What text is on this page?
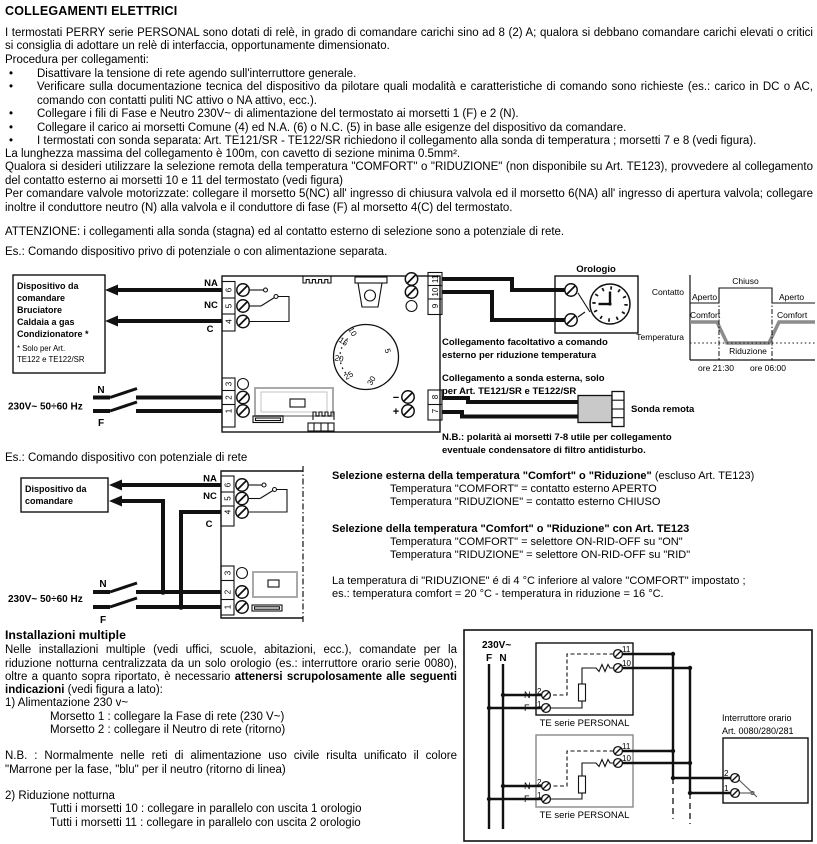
COLLEGAMENTI ELETTRICI
I termostati PERRY serie PERSONAL sono dotati di relè, in grado di comandare carichi sino ad 8 (2) A; qualora si debbano comandare carichi elevati o critici si consiglia di adottare un relè di interfaccia, opportunamente dimensionato.
Procedura per collegamenti:
•	Disattivare la tensione di rete agendo sull'interruttore generale.
•	Verificare sulla documentazione tecnica del dispositivo da pilotare quali modalità e caratteristiche di comando sono richieste (es.: carico in DC o AC, comando con contatti puliti NC attivo o NA attivo, ecc.).
•	Collegare i fili di Fase e Neutro 230V~ di alimentazione del termostato ai morsetti 1 (F) e 2 (N).
•	Collegare il carico ai morsetti Comune (4) ed N.A. (6) o N.C. (5) in base alle esigenze del dispositivo da comandare.
•	I termostati con sonda separata: Art. TE121/SR - TE122/SR richiedono il collegamento alla sonda di temperatura ; morsetti 7 e 8 (vedi figura).
La lunghezza massima del collegamento è 100m, con cavetto di sezione minima 0.5mm².
Qualora si desideri utilizzare la selezione remota della temperatura "COMFORT" o "RIDUZIONE" (non disponibile su Art. TE123), provvedere al collegamento del contatto esterno ai morsetti 10 e 11 del termostato (vedi figura)
Per comandare valvole motorizzate: collegare il morsetto 5(NC) all' ingresso di chiusura valvola ed il morsetto 6(NA) all' ingresso di apertura valvola; collegare inoltre il conduttore neutro (N) alla valvola e il conduttore di fase (F) al morsetto 4(C) del termostato.
ATTENZIONE: i collegamenti alla sonda (stagna) ed al contatto esterno di selezione sono a potenziale di rete.
Es.: Comando dispositivo privo di potenziale o con alimentazione separata.
Dispositivo da
comandare
Bruciatore
Caldaia a gas
Condizionatore *
* Solo per Art.
TE122 e TE122/SR
NA
NC
C
5
10
15
20
25 30
6
5
4
3
2
1
230V~ 50÷60 Hz
N
F
11
10
9
8
7
−
+
Orologio
Collegamento facoltativo a comando
esterno per riduzione temperatura
Collegamento a sonda esterna, solo
per Art. TE121/SR e TE122/SR
Sonda remota
N.B.: polarità ai morsetti 7-8 utile per collegamento
eventuale condensatore di filtro antidisturbo.
Contatto
Temperatura
Aperto
Chiuso
Aperto
Comfort	Comfort
Riduzione
ore 21:30 ore 06:00
Es.: Comando dispositivo con potenziale di rete
Dispositivo da
comandare
NA
NC
C
6
5
4
3
2
1
230V~ 50÷60 Hz
N
F
Selezione esterna della temperatura "Comfort" o "Riduzione" (escluso Art. TE123)
Temperatura "COMFORT" = contatto esterno APERTO
Temperatura "RIDUZIONE" = contatto esterno CHIUSO
Selezione della temperatura "Comfort" o "Riduzione" con Art. TE123
Temperatura "COMFORT" = selettore ON-RID-OFF su "ON"
Temperatura "RIDUZIONE" = selettore ON-RID-OFF su "RID"
La temperatura di "RIDUZIONE" é di 4 °C inferiore al valore "COMFORT" impostato ;
es.: temperatura comfort = 20 °C - temperatura in riduzione = 16 °C.
Installazioni multiple
Nelle installazioni multiple (vedi uffici, scuole, abitazioni, ecc.), comandate per la riduzione notturna centralizzata da un solo orologio (es.: interruttore orario serie 0080), oltre a quanto sopra riportato, è necessario attenersi scrupolosamente alle seguenti indicazioni (vedi figura a lato):
1) Alimentazione 230 v~
Morsetto 1 : collegare la Fase di rete (230 V~)
Morsetto 2 : collegare il Neutro di rete (ritorno)
N.B. : Normalmente nelle reti di alimentazione uso civile risulta unificato il colore "Marrone per la fase, "blu" per il neutro (ritorno di linea)
2) Riduzione notturna
Tutti i morsetti 10 : collegare in parallelo con uscita 1 orologio
Tutti i morsetti 11 : collegare in parallelo con uscita 2 orologio
230V~
F N
TE serie PERSONAL
11
10
N 2
F 1
TE serie PERSONAL
11
10
N 2
F 1
Interruttore orario
Art. 0080/280/281
2
1
